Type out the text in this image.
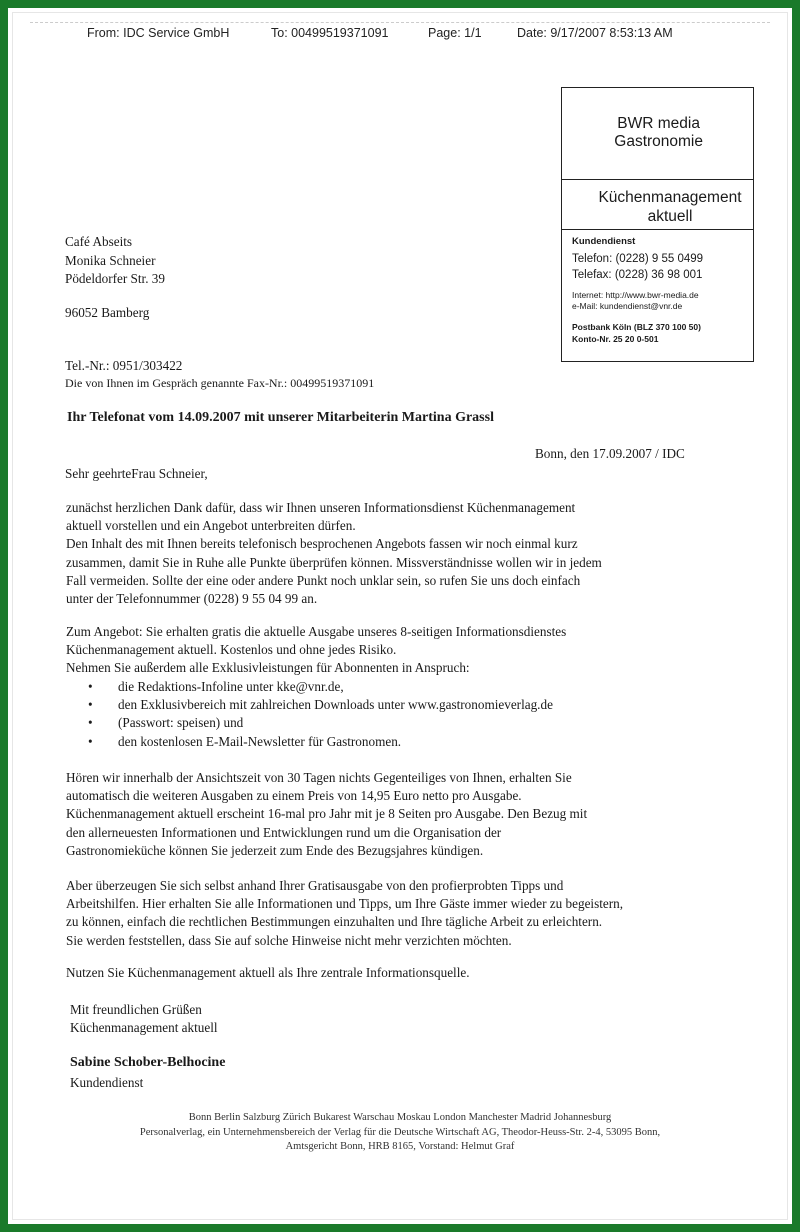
From: IDC Service GmbH	To: 00499519371091	Page: 1/1	Date: 9/17/2007 8:53:13 AM
BWR media
Gastronomie
Küchenmanagement
aktuell
Kundendienst
Telefon: (0228) 9 55 0499
Telefax: (0228) 36 98 001
Internet: http://www.bwr-media.de
e-Mail: kundendienst@vnr.de
Postbank Köln (BLZ 370 100 50)
Konto-Nr. 25 20 0-501
Café Abseits
Monika Schneier
Pödeldorfer Str. 39
96052 Bamberg
Tel.-Nr.: 0951/303422
Die von Ihnen im Gespräch genannte Fax-Nr.: 00499519371091
Ihr Telefonat vom 14.09.2007 mit unserer Mitarbeiterin Martina Grassl
Bonn, den 17.09.2007 / IDC
Sehr geehrteFrau Schneier,
zunächst herzlichen Dank dafür, dass wir Ihnen unseren Informationsdienst Küchenmanagement
aktuell vorstellen und ein Angebot unterbreiten dürfen.
Den Inhalt des mit Ihnen bereits telefonisch besprochenen Angebots fassen wir noch einmal kurz
zusammen, damit Sie in Ruhe alle Punkte überprüfen können. Missverständnisse wollen wir in jedem
Fall vermeiden. Sollte der eine oder andere Punkt noch unklar sein, so rufen Sie uns doch einfach
unter der Telefonnummer (0228) 9 55 04 99 an.
Zum Angebot: Sie erhalten gratis die aktuelle Ausgabe unseres 8-seitigen Informationsdienstes
Küchenmanagement aktuell. Kostenlos und ohne jedes Risiko.
Nehmen Sie außerdem alle Exklusivleistungen für Abonnenten in Anspruch:
• die Redaktions-Infoline unter kke@vnr.de,
• den Exklusivbereich mit zahlreichen Downloads unter www.gastronomieverlag.de
• (Passwort: speisen) und
• den kostenlosen E-Mail-Newsletter für Gastronomen.
Hören wir innerhalb der Ansichtszeit von 30 Tagen nichts Gegenteiliges von Ihnen, erhalten Sie
automatisch die weiteren Ausgaben zu einem Preis von 14,95 Euro netto pro Ausgabe.
Küchenmanagement aktuell erscheint 16-mal pro Jahr mit je 8 Seiten pro Ausgabe. Den Bezug mit
den allerneuesten Informationen und Entwicklungen rund um die Organisation der
Gastronomieküche können Sie jederzeit zum Ende des Bezugsjahres kündigen.
Aber überzeugen Sie sich selbst anhand Ihrer Gratisausgabe von den profierprobten Tipps und
Arbeitshilfen. Hier erhalten Sie alle Informationen und Tipps, um Ihre Gäste immer wieder zu begeistern,
zu können, einfach die rechtlichen Bestimmungen einzuhalten und Ihre tägliche Arbeit zu erleichtern.
Sie werden feststellen, dass Sie auf solche Hinweise nicht mehr verzichten möchten.
Nutzen Sie Küchenmanagement aktuell als Ihre zentrale Informationsquelle.
Mit freundlichen Grüßen
Küchenmanagement aktuell
Sabine Schober-Belhocine
Kundendienst
Bonn Berlin Salzburg Zürich Bukarest Warschau Moskau London Manchester Madrid Johannesburg
Personalverlag, ein Unternehmensbereich der Verlag für die Deutsche Wirtschaft AG, Theodor-Heuss-Str. 2-4, 53095 Bonn,
Amtsgericht Bonn, HRB 8165, Vorstand: Helmut Graf
